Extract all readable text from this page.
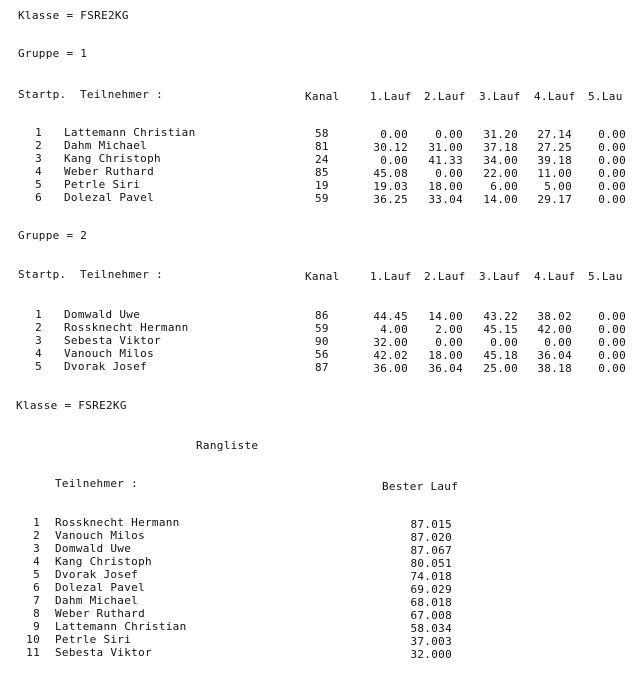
Klasse = FSRE2KG
Gruppe = 1
Startp. Teilnehmer :	Kanal	1.Lauf 2.Lauf 3.Lauf 4.Lauf 5.Lau
1 Lattemann Christian	58	0.00	0.00	31.20	27.14	0.00
2 Dahm Michael	81	30.12	31.00	37.18	27.25	0.00
3 Kang Christoph	24	0.00	41.33	34.00	39.18	0.00
4 Weber Ruthard	85	45.08	0.00	22.00	11.00	0.00
5 Petrle Siri	19	19.03	18.00	6.00	5.00	0.00
6 Dolezal Pavel	59	36.25	33.04	14.00	29.17	0.00
Gruppe = 2
Startp. Teilnehmer :	Kanal	1.Lauf 2.Lauf 3.Lauf 4.Lauf 5.Lau
1 Domwald Uwe	86	44.45	14.00	43.22	38.02	0.00
2 Rossknecht Hermann	59	4.00	2.00	45.15	42.00	0.00
3 Sebesta Viktor	90	32.00	0.00	0.00	0.00	0.00
4 Vanouch Milos	56	42.02	18.00	45.18	36.04	0.00
5 Dvorak Josef	87	36.00	36.04	25.00	38.18	0.00
Klasse = FSRE2KG
Rangliste
Teilnehmer :	Bester Lauf
1 Rossknecht Hermann	87.015
2 Vanouch Milos	87.020
3 Domwald Uwe	87.067
4 Kang Christoph	80.051
5 Dvorak Josef	74.018
6 Dolezal Pavel	69.029
7 Dahm Michael	68.018
8 Weber Ruthard	67.008
9 Lattemann Christian	58.034
10 Petrle Siri	37.003
11 Sebesta Viktor	32.000
